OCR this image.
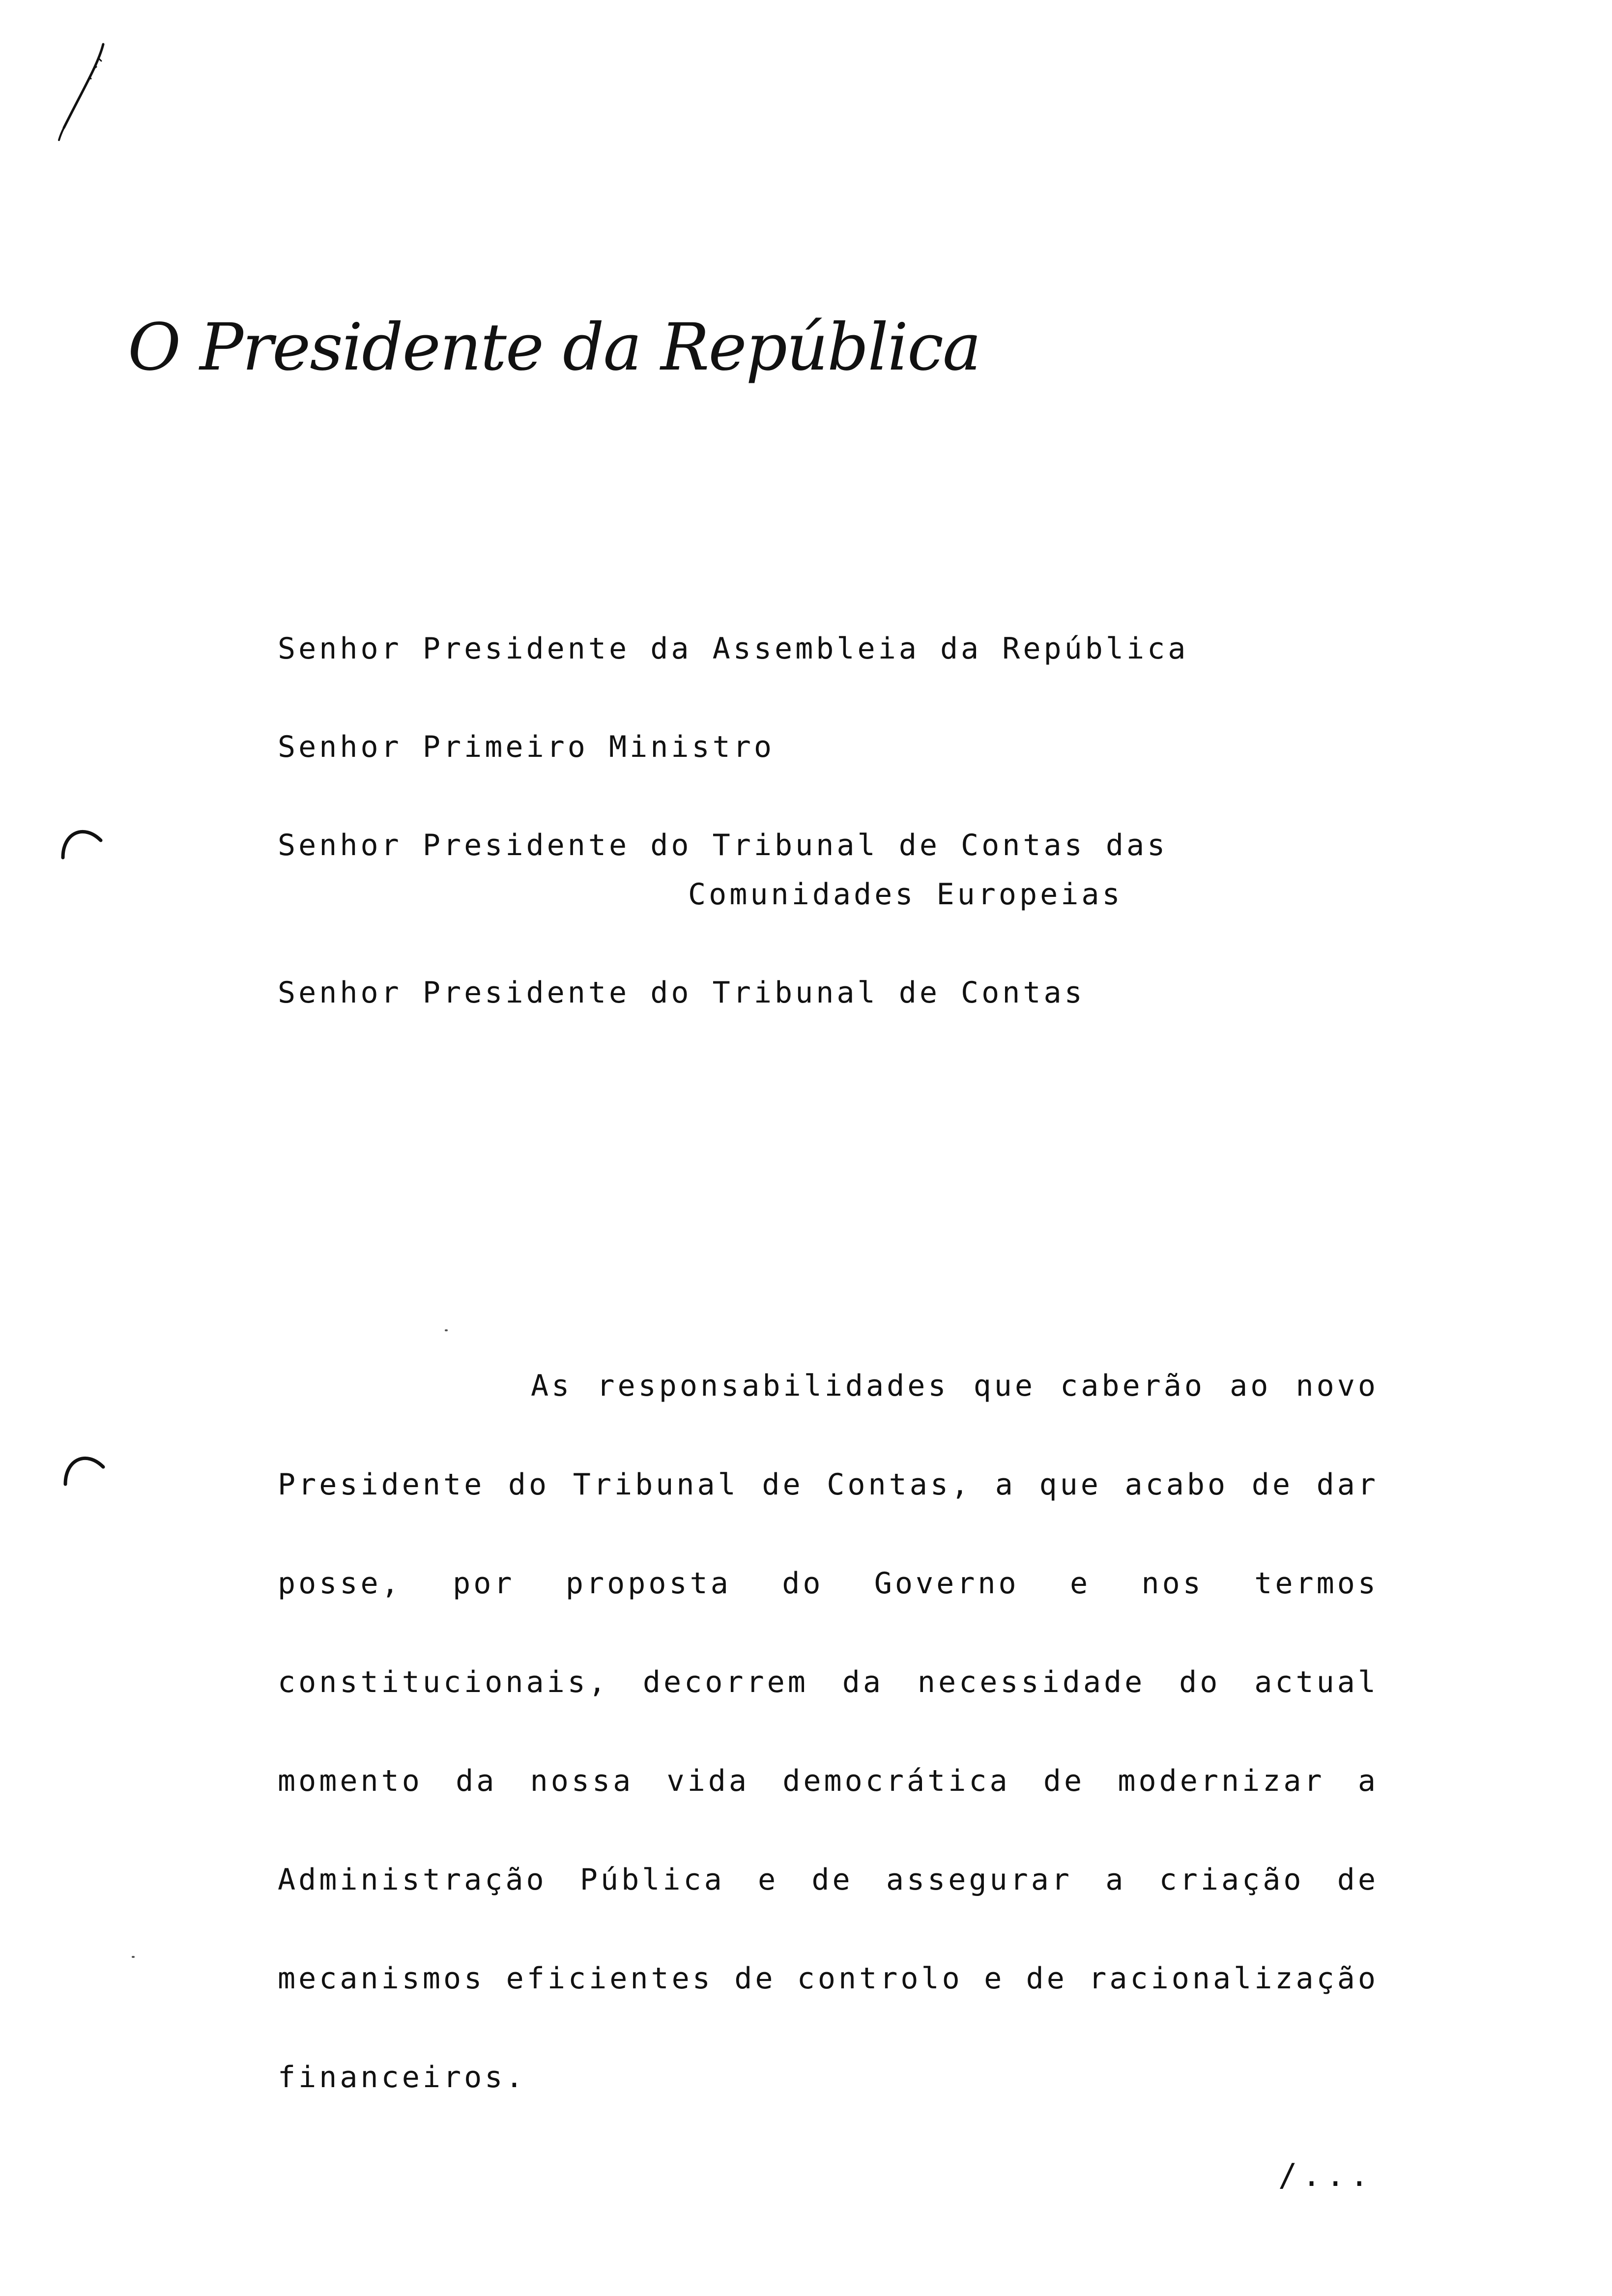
O Presidente da República
Senhor Presidente da Assembleia da República
Senhor Primeiro Ministro
Senhor Presidente do Tribunal de Contas das
Comunidades Europeias
Senhor Presidente do Tribunal de Contas

As responsabilidades que caberão ao novo Presidente do Tribunal de Contas, a que acabo de dar posse, por proposta do Governo e nos termos constitucionais, decorrem da necessidade do actual momento da nossa vida democrática de modernizar a Administração Pública e de assegurar a criação de mecanismos eficientes de controlo e de racionalização financeiros.

/...
